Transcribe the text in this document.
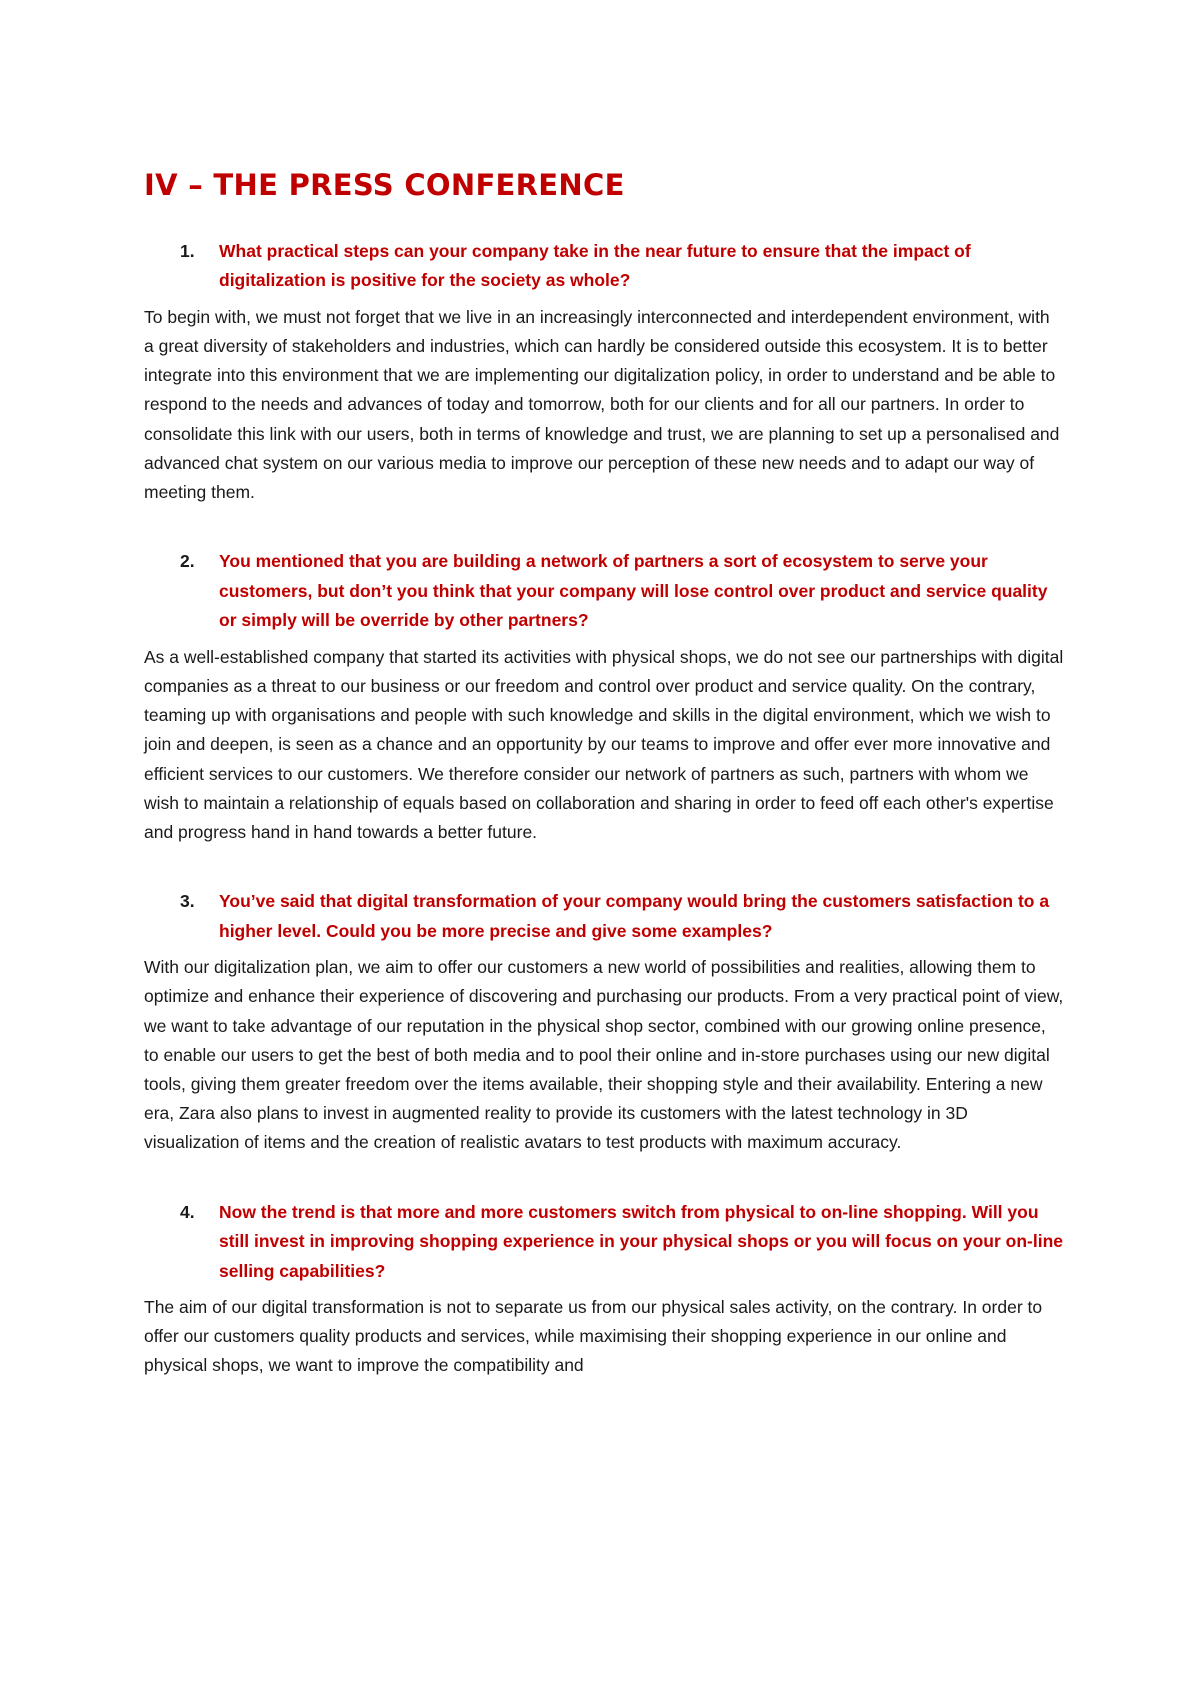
IV – THE PRESS CONFERENCE
1.	What practical steps can your company take in the near future to ensure that the impact of digitalization is positive for the society as whole?

To begin with, we must not forget that we live in an increasingly interconnected and interdependent environment, with a great diversity of stakeholders and industries, which can hardly be considered outside this ecosystem. It is to better integrate into this environment that we are implementing our digitalization policy, in order to understand and be able to respond to the needs and advances of today and tomorrow, both for our clients and for all our partners. In order to consolidate this link with our users, both in terms of knowledge and trust, we are planning to set up a personalised and advanced chat system on our various media to improve our perception of these new needs and to adapt our way of meeting them.

2.	You mentioned that you are building a network of partners a sort of ecosystem to serve your customers, but don’t you think that your company will lose control over product and service quality or simply will be override by other partners?

As a well-established company that started its activities with physical shops, we do not see our partnerships with digital companies as a threat to our business or our freedom and control over product and service quality. On the contrary, teaming up with organisations and people with such knowledge and skills in the digital environment, which we wish to join and deepen, is seen as a chance and an opportunity by our teams to improve and offer ever more innovative and efficient services to our customers. We therefore consider our network of partners as such, partners with whom we wish to maintain a relationship of equals based on collaboration and sharing in order to feed off each other's expertise and progress hand in hand towards a better future.

3.	You’ve said that digital transformation of your company would bring the customers satisfaction to a higher level. Could you be more precise and give some examples?

With our digitalization plan, we aim to offer our customers a new world of possibilities and realities, allowing them to optimize and enhance their experience of discovering and purchasing our products. From a very practical point of view, we want to take advantage of our reputation in the physical shop sector, combined with our growing online presence, to enable our users to get the best of both media and to pool their online and in-store purchases using our new digital tools, giving them greater freedom over the items available, their shopping style and their availability. Entering a new era, Zara also plans to invest in augmented reality to provide its customers with the latest technology in 3D visualization of items and the creation of realistic avatars to test products with maximum accuracy.

4.	Now the trend is that more and more customers switch from physical to on-line shopping. Will you still invest in improving shopping experience in your physical shops or you will focus on your on-line selling capabilities?

The aim of our digital transformation is not to separate us from our physical sales activity, on the contrary. In order to offer our customers quality products and services, while maximising their shopping experience in our online and physical shops, we want to improve the compatibility and
